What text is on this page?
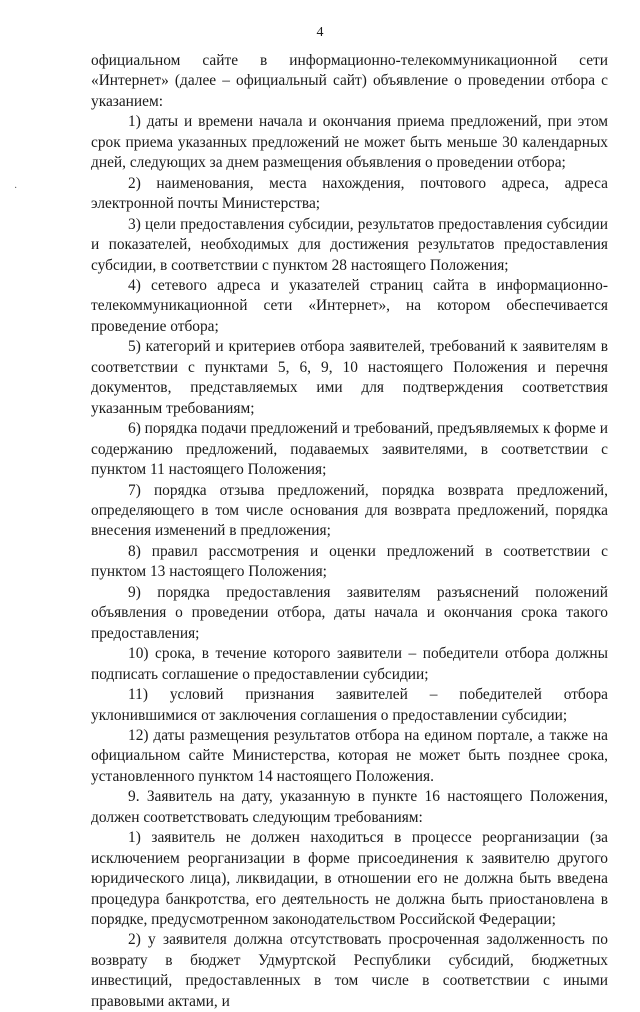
4
·

официальном сайте в информационно-телекоммуникационной сети «Интернет» (далее – официальный сайт) объявление о проведении отбора с указанием:

1) даты и времени начала и окончания приема предложений, при этом срок приема указанных предложений не может быть меньше 30 календарных дней, следующих за днем размещения объявления о проведении отбора;

2) наименования, места нахождения, почтового адреса, адреса электронной почты Министерства;

3) цели предоставления субсидии, результатов предоставления субсидии и показателей, необходимых для достижения результатов предоставления субсидии, в соответствии с пунктом 28 настоящего Положения;

4) сетевого адреса и указателей страниц сайта в информационно-телекоммуникационной сети «Интернет», на котором обеспечивается проведение отбора;

5) категорий и критериев отбора заявителей, требований к заявителям в соответствии с пунктами 5, 6, 9, 10 настоящего Положения и перечня документов, представляемых ими для подтверждения соответствия указанным требованиям;

6) порядка подачи предложений и требований, предъявляемых к форме и содержанию предложений, подаваемых заявителями, в соответствии с пунктом 11 настоящего Положения;

7) порядка отзыва предложений, порядка возврата предложений, определяющего в том числе основания для возврата предложений, порядка внесения изменений в предложения;

8) правил рассмотрения и оценки предложений в соответствии с пунктом 13 настоящего Положения;

9) порядка предоставления заявителям разъяснений положений объявления о проведении отбора, даты начала и окончания срока такого предоставления;

10) срока, в течение которого заявители – победители отбора должны подписать соглашение о предоставлении субсидии;

11) условий признания заявителей – победителей отбора уклонившимися от заключения соглашения о предоставлении субсидии;

12) даты размещения результатов отбора на едином портале, а также на официальном сайте Министерства, которая не может быть позднее срока, установленного пунктом 14 настоящего Положения.

9. Заявитель на дату, указанную в пункте 16 настоящего Положения, должен соответствовать следующим требованиям:

1) заявитель не должен находиться в процессе реорганизации (за исключением реорганизации в форме присоединения к заявителю другого юридического лица), ликвидации, в отношении его не должна быть введена процедура банкротства, его деятельность не должна быть приостановлена в порядке, предусмотренном законодательством Российской Федерации;

2) у заявителя должна отсутствовать просроченная задолженность по возврату в бюджет Удмуртской Республики субсидий, бюджетных инвестиций, предоставленных в том числе в соответствии с иными правовыми актами, и
